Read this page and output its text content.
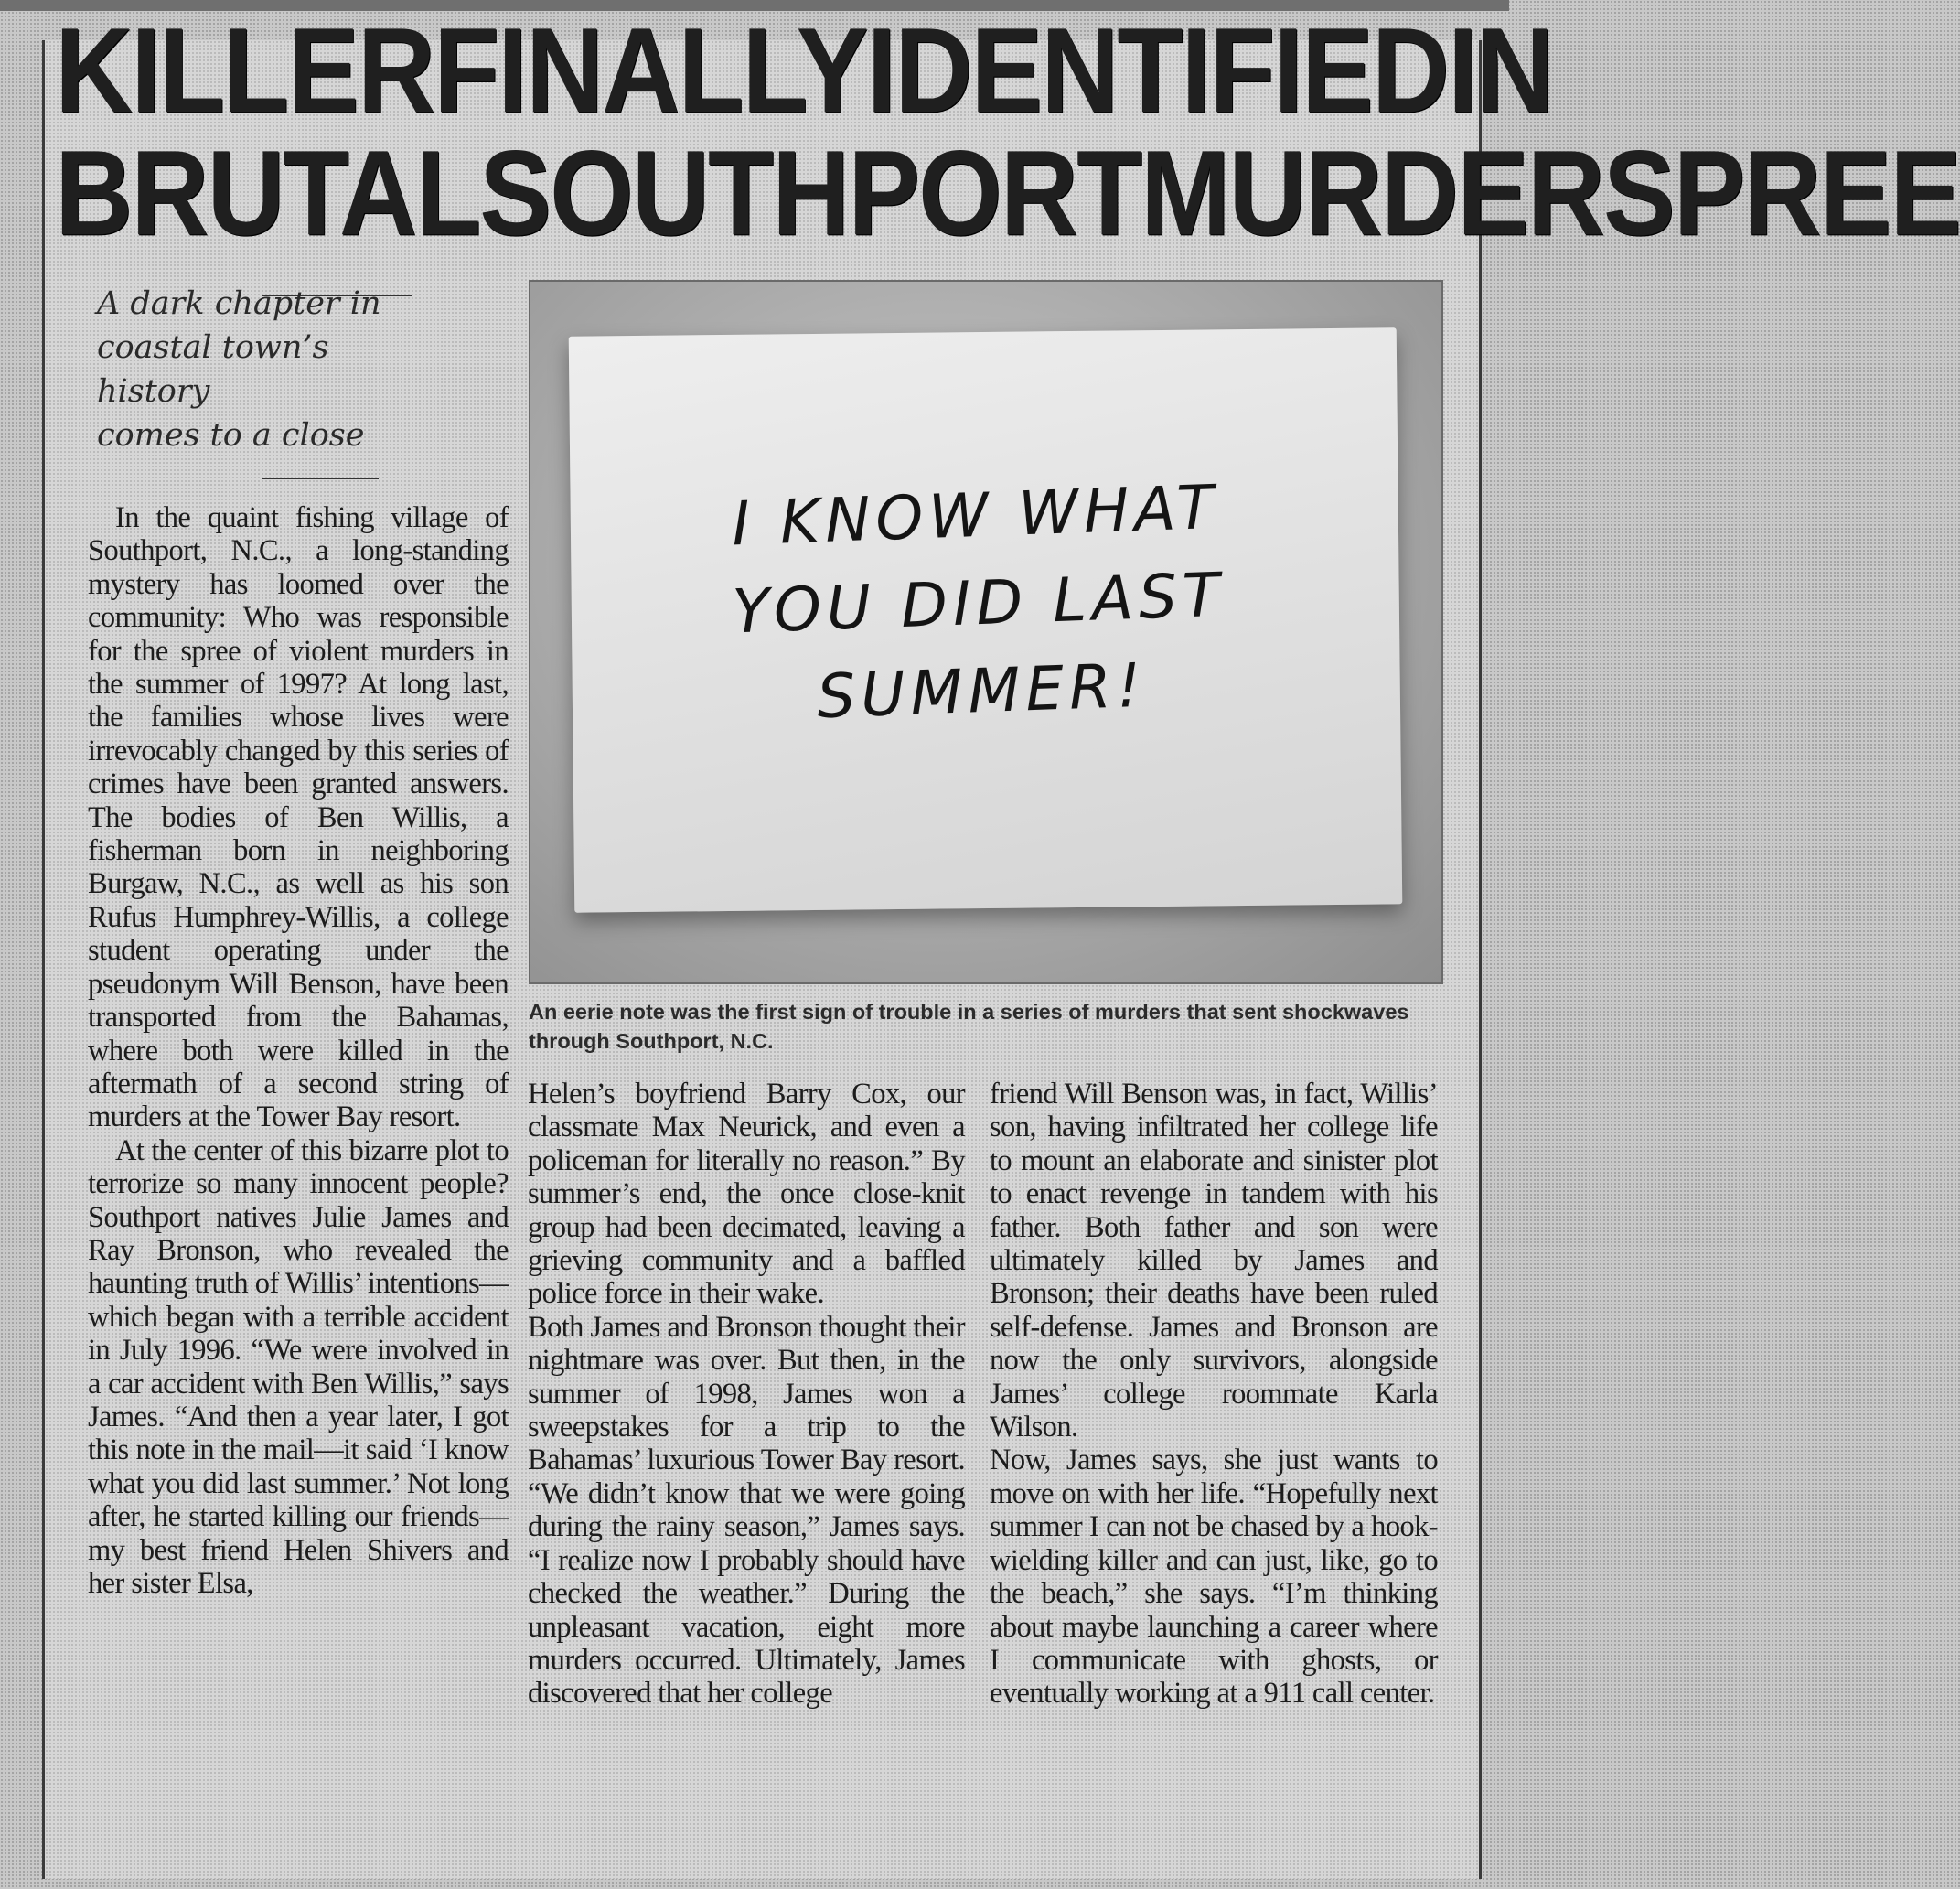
KILLER FINALLY IDENTIFIED IN
BRUTAL SOUTHPORT MURDER SPREE
A dark chapter in
coastal town’s history
comes to a close
I KNOW WHAT
YOU DID LAST
SUMMER!
An eerie note was the first sign of trouble in a series of murders that sent shockwaves through Southport, N.C.

In the quaint fishing village of Southport, N.C., a long-standing mystery has loomed over the community: Who was responsible for the spree of violent murders in the summer of 1997? At long last, the families whose lives were irrevocably changed by this series of crimes have been granted answers. The bodies of Ben Willis, a fisherman born in neighboring Burgaw, N.C., as well as his son Rufus Humphrey-Willis, a college student operating under the pseudonym Will Benson, have been transported from the Bahamas, where both were killed in the aftermath of a second string of murders at the Tower Bay resort.

At the center of this bizarre plot to terrorize so many innocent people? Southport natives Julie James and Ray Bronson, who revealed the haunting truth of Willis’ intentions—which began with a terrible accident in July 1996. “We were involved in a car accident with Ben Willis,” says James. “And then a year later, I got this note in the mail—it said ‘I know what you did last summer.’ Not long after, he started killing our friends—my best friend Helen Shivers and her sister Elsa,

Helen’s boyfriend Barry Cox, our classmate Max Neurick, and even a policeman for literally no reason.” By summer’s end, the once close-knit group had been decimated, leaving a grieving community and a baffled police force in their wake.

Both James and Bronson thought their nightmare was over. But then, in the summer of 1998, James won a sweepstakes for a trip to the Bahamas’ luxurious Tower Bay resort. “We didn’t know that we were going during the rainy season,” James says. “I realize now I probably should have checked the weather.” During the unpleasant vacation, eight more murders occurred. Ultimately, James discovered that her college

friend Will Benson was, in fact, Willis’ son, having infiltrated her college life to mount an elaborate and sinister plot to enact revenge in tandem with his father. Both father and son were ultimately killed by James and Bronson; their deaths have been ruled self-defense. James and Bronson are now the only survivors, alongside James’ college roommate Karla Wilson.

Now, James says, she just wants to move on with her life. “Hopefully next summer I can not be chased by a hook-wielding killer and can just, like, go to the beach,” she says. “I’m thinking about maybe launching a career where I communicate with ghosts, or eventually working at a 911 call center.
